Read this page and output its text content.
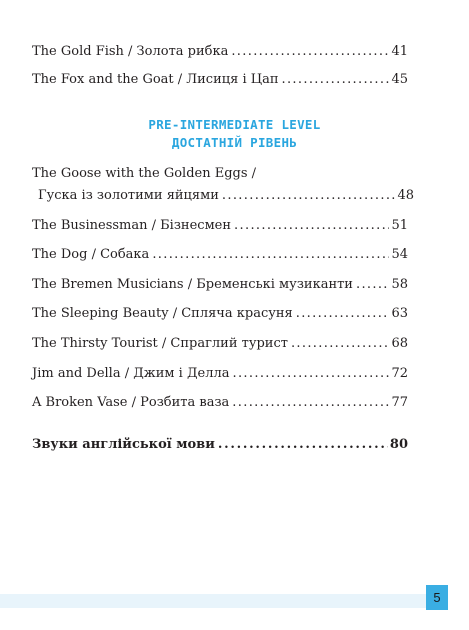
The Gold Fish / Золота рибка . . .	41
The Fox and the Goat / Лисиця і Цап . . .	45
The Goose with the Golden Eggs /
Гуска із золотими яйцями . . .	48
The Businessman / Бізнесмен . . .	51
The Dog / Собака . . .	54
The Bremen Musicians / Бременські музиканти . . .	58
The Sleeping Beauty / Спляча красуня . . .	63
The Thirsty Tourist / Спраглий турист . . .	68
Jim and Della / Джим і Делла . . .	72
A Broken Vase / Розбита ваза . . .	77
Звуки англійської мови . . .	80
PRE-INTERMEDIATE LEVEL
ДОСТАТНІЙ РІВЕНЬ
5
